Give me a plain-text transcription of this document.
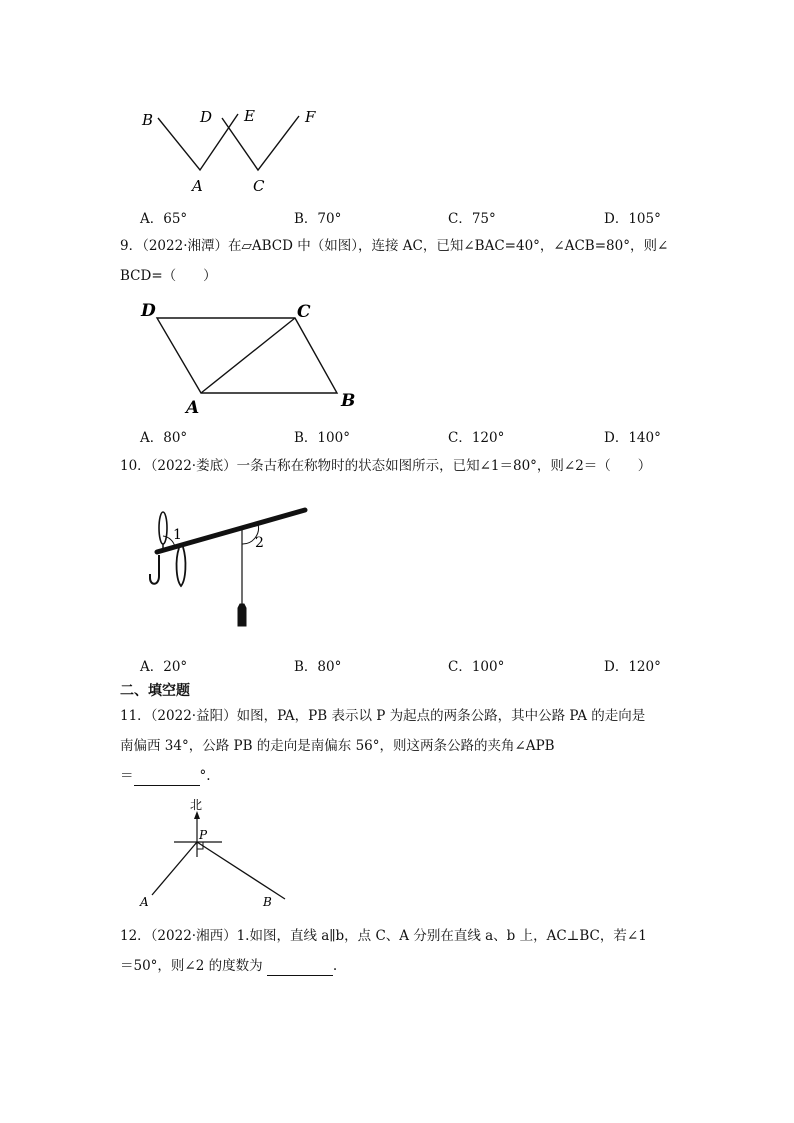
B	D E	F
A	C
A．65°	B．70°	C．75°	D．105°
9．（2022·湘潭）在▱ABCD 中（如图），连接 AC，已知∠BAC=40°，∠ACB=80°，则∠
BCD=（　　）
D	C
A	B
A．80°	B．100°	C．120°	D．140°
10．（2022·娄底）一条古称在称物时的状态如图所示，已知∠1＝80°，则∠2＝（　　）
1	2
A．20°	B．80°	C．100°	D．120°
二、填空题
11．（2022·益阳）如图，PA，PB 表示以 P 为起点的两条公路，其中公路 PA 的走向是
南偏西 34°，公路 PB 的走向是南偏东 56°，则这两条公路的夹角∠APB
＝	°.
北
P
A	B
12．（2022·湘西）1.如图，直线 a∥b，点 C、A 分别在直线 a、b 上，AC⊥BC，若∠1
＝50°，则∠2 的度数为	.
